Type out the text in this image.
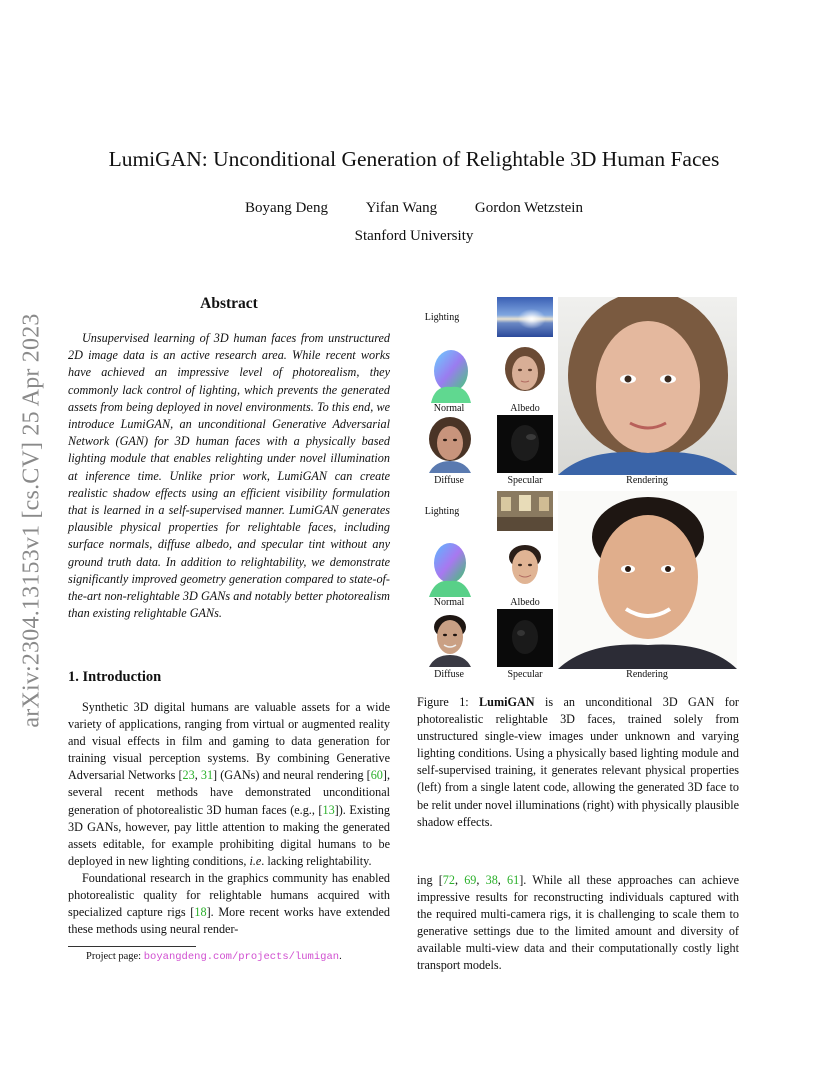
arXiv:2304.13153v1 [cs.CV] 25 Apr 2023
LumiGAN: Unconditional Generation of Relightable 3D Human Faces
Boyang Deng	Yifan Wang	Gordon Wetzstein
Stanford University
Abstract
Unsupervised learning of 3D human faces from unstructured 2D image data is an active research area. While recent works have achieved an impressive level of photorealism, they commonly lack control of lighting, which prevents the generated assets from being deployed in novel environments. To this end, we introduce LumiGAN, an unconditional Generative Adversarial Network (GAN) for 3D human faces with a physically based lighting module that enables relighting under novel illumination at inference time. Unlike prior work, LumiGAN can create realistic shadow effects using an efficient visibility formulation that is learned in a self-supervised manner. LumiGAN generates plausible physical properties for relightable faces, including surface normals, diffuse albedo, and specular tint without any ground truth data. In addition to relightability, we demonstrate significantly improved geometry generation compared to state-of-the-art non-relightable 3D GANs and notably better photorealism than existing relightable GANs.
1. Introduction

Synthetic 3D digital humans are valuable assets for a wide variety of applications, ranging from virtual or augmented reality and visual effects in film and gaming to data generation for training visual perception systems. By combining Generative Adversarial Networks [23, 31] (GANs) and neural rendering [60], several recent methods have demonstrated unconditional generation of photorealistic 3D human faces (e.g., [13]). Existing 3D GANs, however, pay little attention to making the generated assets editable, for example prohibiting digital humans to be deployed in new lighting conditions, i.e. lacking relightability.

Foundational research in the graphics community has enabled photorealistic quality for relightable humans acquired with specialized capture rigs [18]. More recent works have extended these methods using neural render-

Project page: boyangdeng.com/projects/lumigan.
Lighting
Normal	Albedo
Diffuse	Specular	Rendering
Lighting
Normal	Albedo
Diffuse	Specular	Rendering
Figure 1: LumiGAN is an unconditional 3D GAN for photorealistic relightable 3D faces, trained solely from unstructured single-view images under unknown and varying lighting conditions. Using a physically based lighting module and self-supervised training, it generates relevant physical properties (left) from a single latent code, allowing the generated 3D face to be relit under novel illuminations (right) with physically plausible shadow effects.
ing [72, 69, 38, 61]. While all these approaches can achieve impressive results for reconstructing individuals captured with the required multi-camera rigs, it is challenging to scale them to generative settings due to the limited amount and diversity of available multi-view data and their computationally costly light transport models.
